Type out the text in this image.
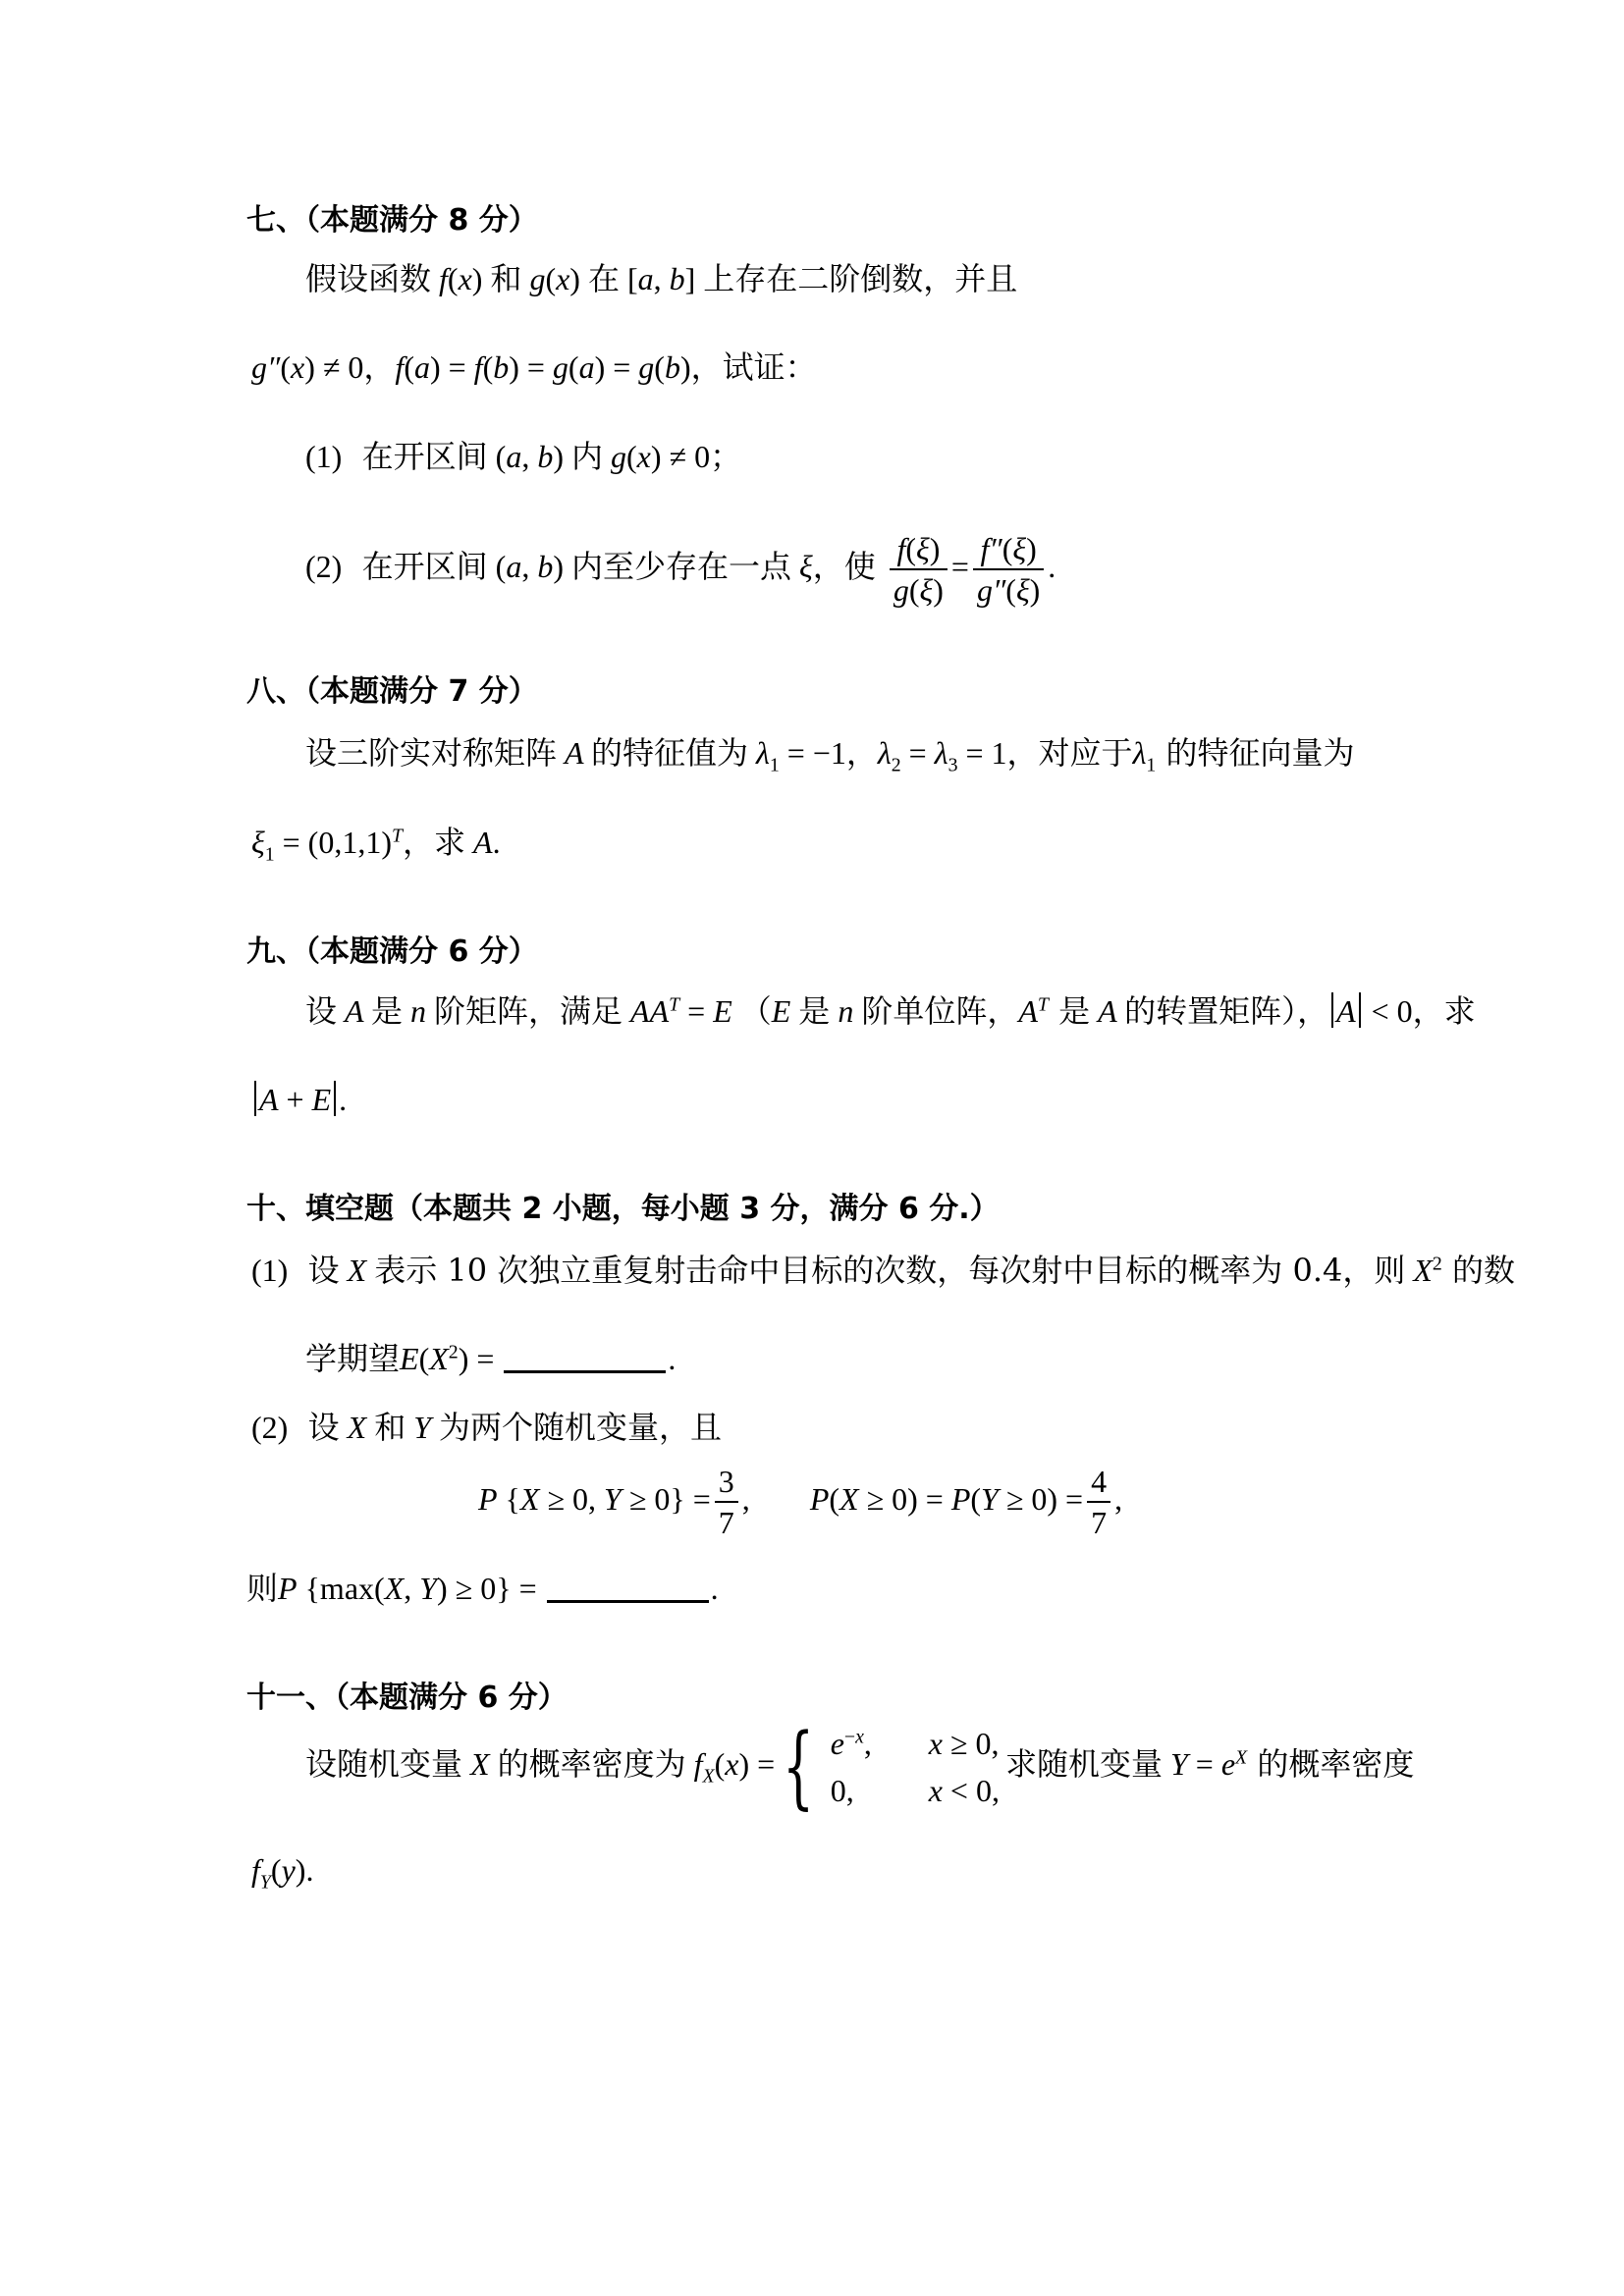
七、（本题满分 8 分）
假设函数 f(x) 和 g(x) 在 [a, b] 上存在二阶倒数，并且
g″(x) ≠ 0，f(a) = f(b) = g(a) = g(b)，试证：
(1) 在开区间 (a, b) 内 g(x) ≠ 0；
(2) 在开区间 (a, b) 内至少存在一点 ξ，使 $\frac{f(\xi)}{g(\xi)} = \frac{f''(\xi)}{g''(\xi)}$ .
八、（本题满分 7 分）
设三阶实对称矩阵 A 的特征值为 $\lambda_1 = -1$，$\lambda_2 = \lambda_3 = 1$，对应于$\lambda_1$ 的特征向量为
$\xi_1 = (0,1,1)^T$，求 A.
九、（本题满分 6 分）
设 A 是 n 阶矩阵，满足 $AA^T = E$ （E 是 n 阶单位阵，$A^T$ 是 A 的转置矩阵）， A < 0，求
A + E .
十、填空题（本题共 2 小题，每小题 3 分，满分 6 分.）
(1) 设 X 表示 10 次独立重复射击命中目标的次数，每次射中目标的概率为 0.4，则 $X^2$ 的数
学期望$E(X^2)$ =	.
(2) 设 X 和 Y 为两个随机变量，且
P {X ≥ 0, $Y \ge 0\} = \frac{3}{7}$ , $P(X \ge 0) = P(Y \ge 0) = \frac{4}{7}$ ,
则P {max(X, Y) ≥ 0} =	.
十一、（本题满分 6 分）
设随机变量 X 的概率密度为 $f_X(x)$ = { $e^{-x}$, x ≥ 0,
0, x < 0,
求随机变量 $Y = e^X$ 的概率密度
$f_Y(y)$.
